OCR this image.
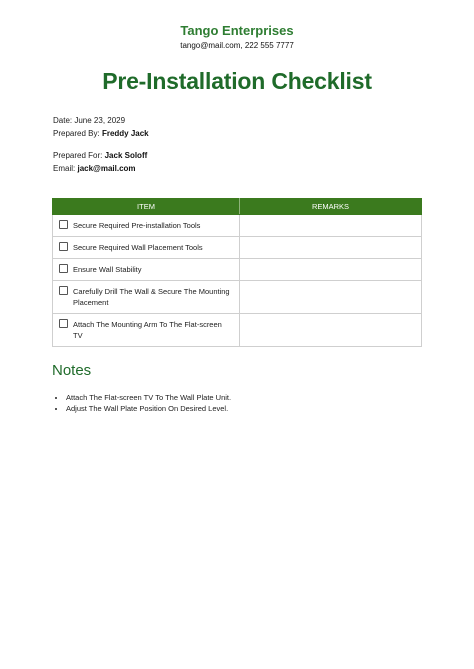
Tango Enterprises
tango@mail.com, 222 555 7777
Pre-Installation Checklist
Date: June 23, 2029
Prepared By: Freddy Jack
Prepared For: Jack Soloff
Email: jack@mail.com
ITEM	REMARKS

Secure Required Pre-installation Tools	

Secure Required Wall Placement Tools	

Ensure Wall Stability	

Carefully Drill The Wall & Secure The Mounting Placement	

Attach The Mounting Arm To The Flat-screen TV	

Notes
• Attach The Flat-screen TV To The Wall Plate Unit.
• Adjust The Wall Plate Position On Desired Level.
